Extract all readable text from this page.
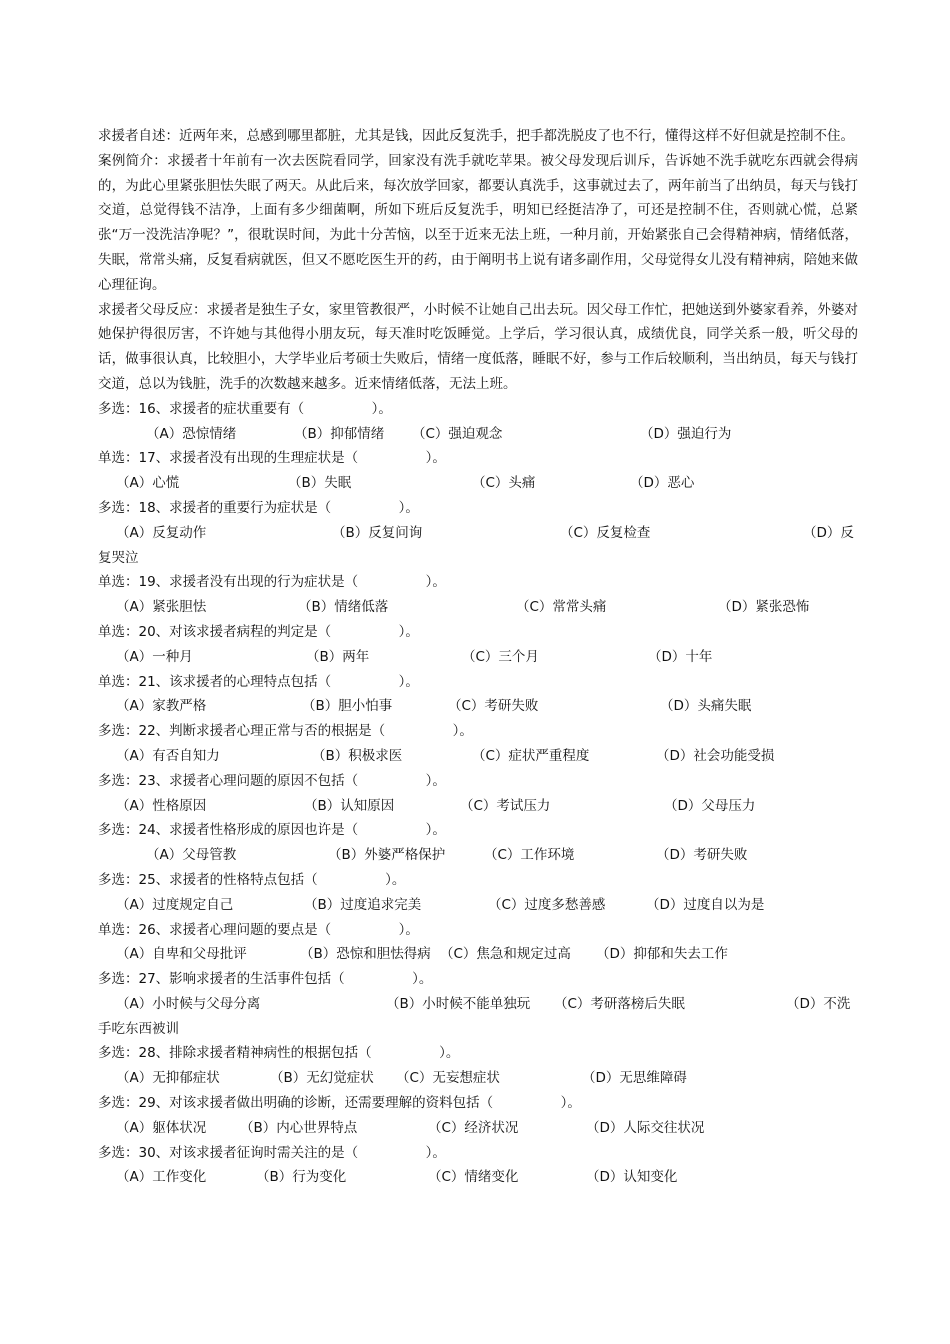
求援者自述：近两年来，总感到哪里都脏，尤其是钱，因此反复洗手，把手都洗脱皮了也不行，懂得这样不好但就是控制不住。

案例简介：求援者十年前有一次去医院看同学，回家没有洗手就吃苹果。被父母发现后训斥，告诉她不洗手就吃东西就会得病的，为此心里紧张胆怯失眠了两天。从此后来，每次放学回家，都要认真洗手，这事就过去了，两年前当了出纳员，每天与钱打交道，总觉得钱不洁净，上面有多少细菌啊，所如下班后反复洗手，明知已经挺洁净了，可还是控制不住，否则就心慌，总紧张“万一没洗洁净呢？”，很耽误时间，为此十分苦恼，以至于近来无法上班，一种月前，开始紧张自己会得精神病，情绪低落，失眠，常常头痛，反复看病就医，但又不愿吃医生开的药，由于阐明书上说有诸多副作用，父母觉得女儿没有精神病，陪她来做心理征询。

求援者父母反应：求援者是独生子女，家里管教很严，小时候不让她自己出去玩。因父母工作忙，把她送到外婆家看养，外婆对她保护得很厉害，不许她与其他得小朋友玩，每天准时吃饭睡觉。上学后，学习很认真，成绩优良，同学关系一般，听父母的话，做事很认真，比较胆小，大学毕业后考硕士失败后，情绪一度低落，睡眠不好，参与工作后较顺利，当出纳员，每天与钱打交道，总以为钱脏，洗手的次数越来越多。近来情绪低落，无法上班。

多选：16、求援者的症状重要有（　　　　　）。
（A）恐惊情绪	（B）抑郁情绪 （C）强迫观念	（D）强迫行为
单选：17、求援者没有出现的生理症状是（　　　　　）。
（A）心慌	（B）失眠	（C）头痛	（D）恶心
多选：18、求援者的重要行为症状是（　　　　　）。
（A）反复动作	（B）反复问询	（C）反复检查	（D）反
复哭泣
单选：19、求援者没有出现的行为症状是（　　　　　）。
（A）紧张胆怯	（B）情绪低落	（C）常常头痛	（D）紧张恐怖
单选：20、对该求援者病程的判定是（　　　　　）。
（A）一种月	（B）两年	（C）三个月	（D）十年
单选：21、该求援者的心理特点包括（　　　　　）。
（A）家教严格	（B）胆小怕事	（C）考研失败	（D）头痛失眠
多选：22、判断求援者心理正常与否的根据是（　　　　　）。
（A）有否自知力	（B）积极求医	（C）症状严重程度	（D）社会功能受损
多选：23、求援者心理问题的原因不包括（　　　　　）。
（A）性格原因	（B）认知原因	（C）考试压力	（D）父母压力
多选：24、求援者性格形成的原因也许是（　　　　　）。
（A）父母管教	（B）外婆严格保护	（C）工作环境	（D）考研失败
多选：25、求援者的性格特点包括（　　　　　）。
（A）过度规定自己	（B）过度追求完美	（C）过度多愁善感	（D）过度自以为是
单选：26、求援者心理问题的要点是（　　　　　）。
（A）自卑和父母批评	（B）恐惊和胆怯得病 （C）焦急和规定过高 （D）抑郁和失去工作
多选：27、影响求援者的生活事件包括（　　　　　）。
（A）小时候与父母分离	（B）小时候不能单独玩 （C）考研落榜后失眠	（D）不洗
手吃东西被训
多选：28、排除求援者精神病性的根据包括（　　　　　）。
（A）无抑郁症状	（B）无幻觉症状 （C）无妄想症状	（D）无思维障碍
多选：29、对该求援者做出明确的诊断，还需要理解的资料包括（　　　　　）。
（A）躯体状况	（B）内心世界特点	（C）经济状况	（D）人际交往状况
多选：30、对该求援者征询时需关注的是（　　　　　）。
（A）工作变化	（B）行为变化	（C）情绪变化	（D）认知变化
